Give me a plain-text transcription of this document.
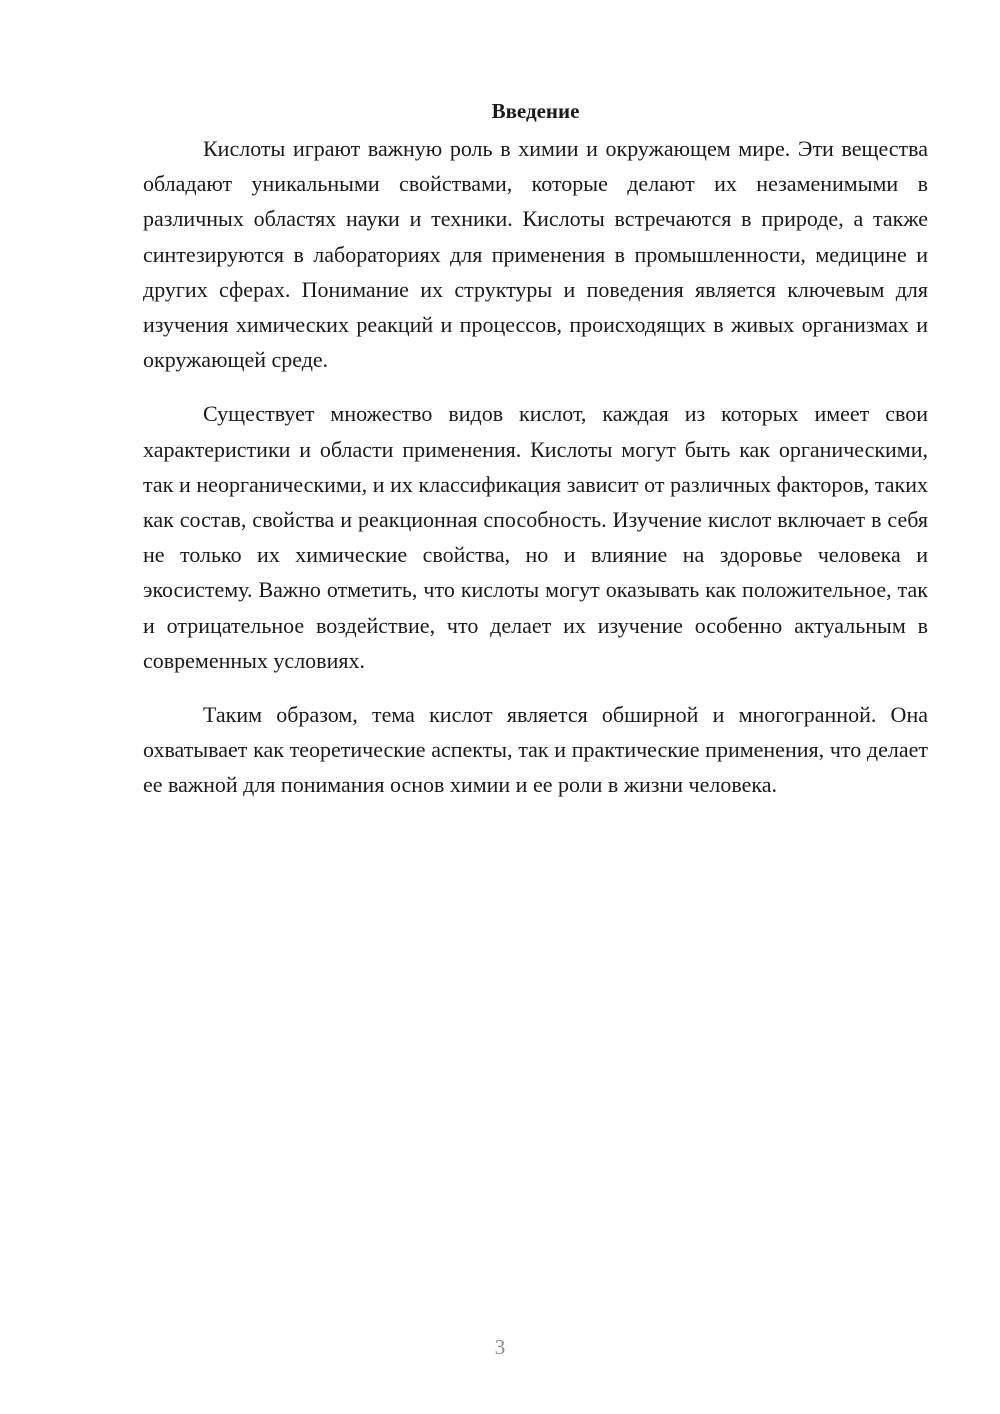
Введение

Кислоты играют важную роль в химии и окружающем мире. Эти вещества обладают уникальными свойствами, которые делают их незаменимыми в различных областях науки и техники. Кислоты встречаются в природе, а также синтезируются в лабораториях для применения в промышленности, медицине и других сферах. Понимание их структуры и поведения является ключевым для изучения химических реакций и процессов, происходящих в живых организмах и окружающей среде.

Существует множество видов кислот, каждая из которых имеет свои характеристики и области применения. Кислоты могут быть как органическими, так и неорганическими, и их классификация зависит от различных факторов, таких как состав, свойства и реакционная способность. Изучение кислот включает в себя не только их химические свойства, но и влияние на здоровье человека и экосистему. Важно отметить, что кислоты могут оказывать как положительное, так и отрицательное воздействие, что делает их изучение особенно актуальным в современных условиях.

Таким образом, тема кислот является обширной и многогранной. Она охватывает как теоретические аспекты, так и практические применения, что делает ее важной для понимания основ химии и ее роли в жизни человека.

3
